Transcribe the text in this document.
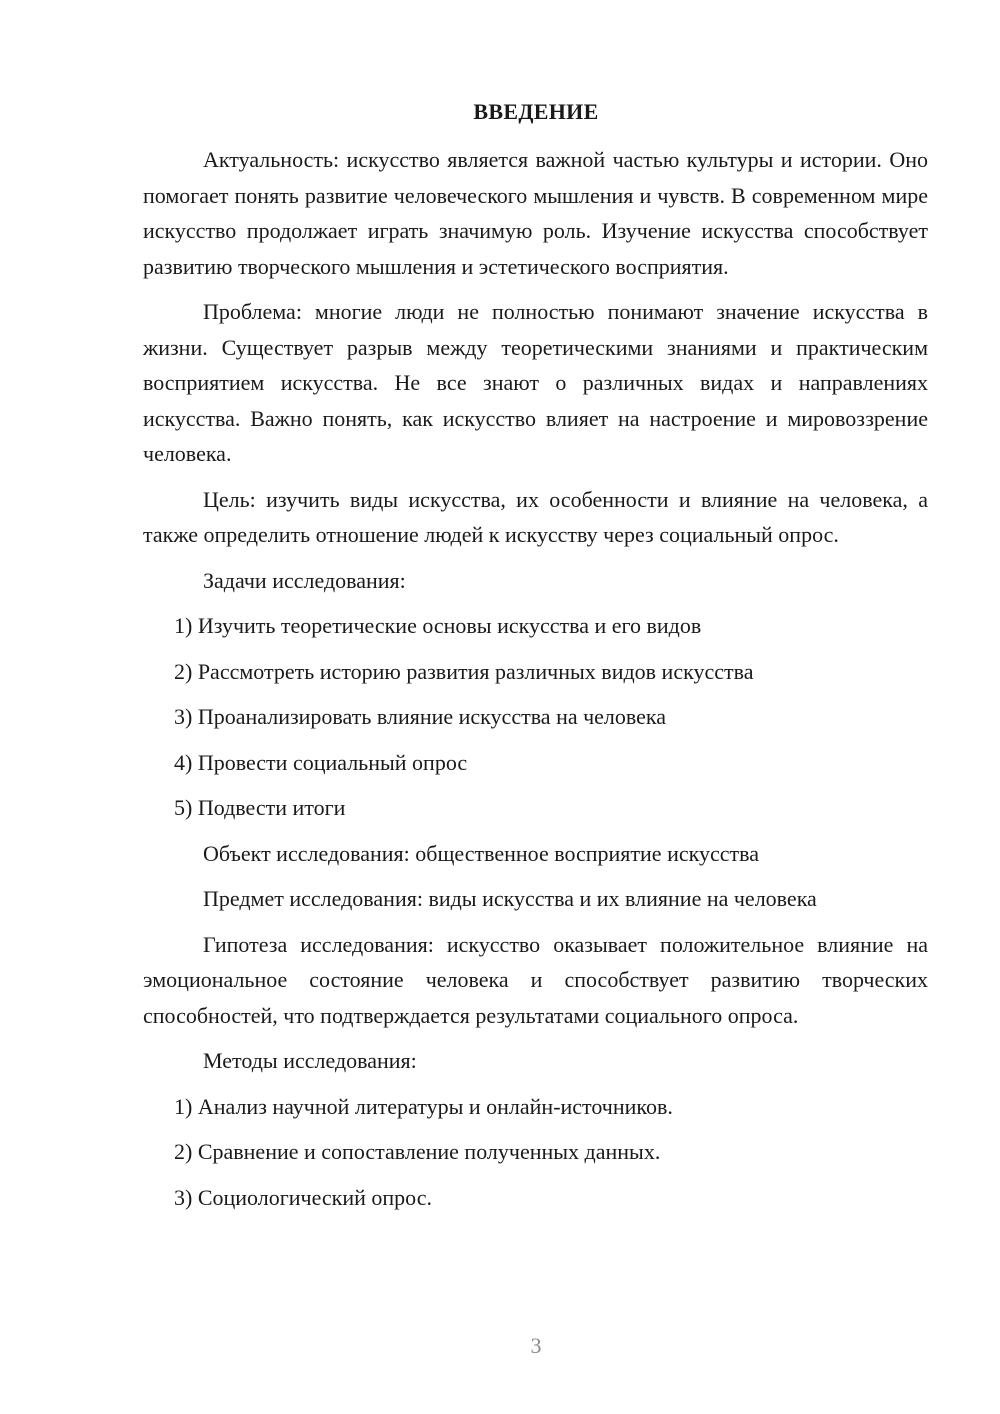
ВВЕДЕНИЕ

Актуальность: искусство является важной частью культуры и истории. Оно помогает понять развитие человеческого мышления и чувств. В современном мире искусство продолжает играть значимую роль. Изучение искусства способствует развитию творческого мышления и эстетического восприятия.

Проблема: многие люди не полностью понимают значение искусства в жизни. Существует разрыв между теоретическими знаниями и практическим восприятием искусства. Не все знают о различных видах и направлениях искусства. Важно понять, как искусство влияет на настроение и мировоззрение человека.

Цель: изучить виды искусства, их особенности и влияние на человека, а также определить отношение людей к искусству через социальный опрос.

Задачи исследования:
1) Изучить теоретические основы искусства и его видов
2) Рассмотреть историю развития различных видов искусства
3) Проанализировать влияние искусства на человека
4) Провести социальный опрос
5) Подвести итоги
Объект исследования: общественное восприятие искусства
Предмет исследования: виды искусства и их влияние на человека

Гипотеза исследования: искусство оказывает положительное влияние на эмоциональное состояние человека и способствует развитию творческих способностей, что подтверждается результатами социального опроса.

Методы исследования:
1) Анализ научной литературы и онлайн-источников.
2) Сравнение и сопоставление полученных данных.
3) Социологический опрос.
3
